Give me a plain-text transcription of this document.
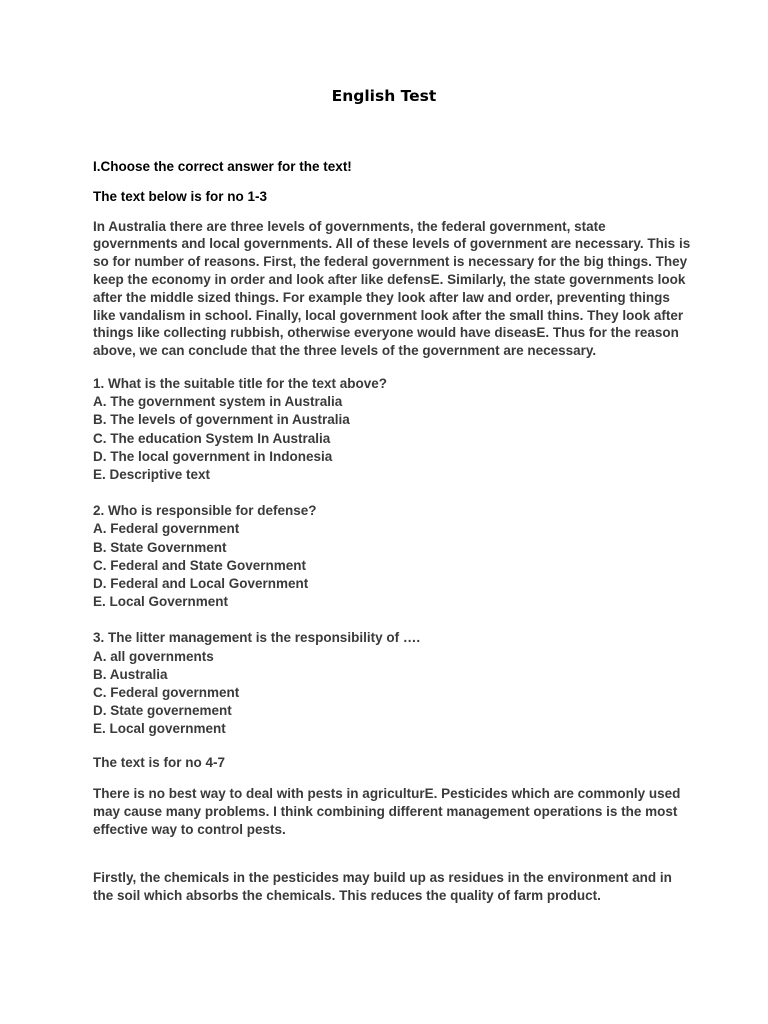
English Test

I.Choose the correct answer for the text!

The text below is for no 1-3

In Australia there are three levels of governments, the federal government, state governments and local governments. All of these levels of government are necessary. This is so for number of reasons. First, the federal government is necessary for the big things. They keep the economy in order and look after like defensE. Similarly, the state governments look after the middle sized things. For example they look after law and order, preventing things like vandalism in school. Finally, local government look after the small thins. They look after things like collecting rubbish, otherwise everyone would have diseasE. Thus for the reason above, we can conclude that the three levels of the government are necessary.

1. What is the suitable title for the text above?
A. The government system in Australia
B. The levels of government in Australia
C. The education System In Australia
D. The local government in Indonesia
E. Descriptive text
2. Who is responsible for defense?
A. Federal government
B. State Government
C. Federal and State Government
D. Federal and Local Government
E. Local Government
3. The litter management is the responsibility of ….
A. all governments
B. Australia
C. Federal government
D. State governement
E. Local government

The text is for no 4-7

There is no best way to deal with pests in agriculturE. Pesticides which are commonly used may cause many problems. I think combining different management operations is the most effective way to control pests.

Firstly, the chemicals in the pesticides may build up as residues in the environment and in the soil which absorbs the chemicals. This reduces the quality of farm product.
